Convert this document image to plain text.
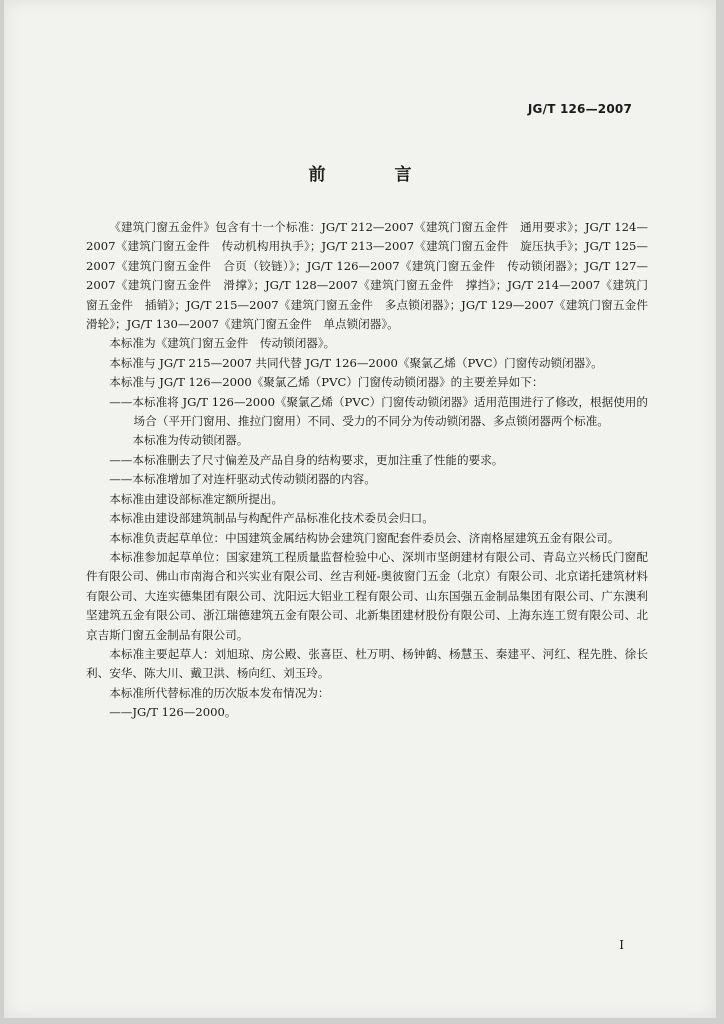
JG/T 126—2007
前　言

《建筑门窗五金件》包含有十一个标准：JG/T 212—2007《建筑门窗五金件　通用要求》；JG/T 124—2007《建筑门窗五金件　传动机构用执手》；JG/T 213—2007《建筑门窗五金件　旋压执手》；JG/T 125—2007《建筑门窗五金件　合页（铰链）》；JG/T 126—2007《建筑门窗五金件　传动锁闭器》；JG/T 127—2007《建筑门窗五金件　滑撑》；JG/T 128—2007《建筑门窗五金件　撑挡》；JG/T 214—2007《建筑门窗五金件　插销》；JG/T 215—2007《建筑门窗五金件　多点锁闭器》；JG/T 129—2007《建筑门窗五金件　滑轮》；JG/T 130—2007《建筑门窗五金件　单点锁闭器》。

本标准为《建筑门窗五金件　传动锁闭器》。

本标准与 JG/T 215—2007 共同代替 JG/T 126—2000《聚氯乙烯（PVC）门窗传动锁闭器》。

本标准与 JG/T 126—2000《聚氯乙烯（PVC）门窗传动锁闭器》的主要差异如下：

——本标准将 JG/T 126—2000《聚氯乙烯（PVC）门窗传动锁闭器》适用范围进行了修改，根据使用的场合（平开门窗用、推拉门窗用）不同、受力的不同分为传动锁闭器、多点锁闭器两个标准。

本标准为传动锁闭器。

——本标准删去了尺寸偏差及产品自身的结构要求，更加注重了性能的要求。

——本标准增加了对连杆驱动式传动锁闭器的内容。

本标准由建设部标准定额所提出。

本标准由建设部建筑制品与构配件产品标准化技术委员会归口。

本标准负责起草单位：中国建筑金属结构协会建筑门窗配套件委员会、济南格屋建筑五金有限公司。

本标准参加起草单位：国家建筑工程质量监督检验中心、深圳市坚朗建材有限公司、青岛立兴杨氏门窗配件有限公司、佛山市南海合和兴实业有限公司、丝吉利娅-奥彼窗门五金（北京）有限公司、北京诺托建筑材料有限公司、大连实德集团有限公司、沈阳远大铝业工程有限公司、山东国强五金制品集团有限公司、广东澳利坚建筑五金有限公司、浙江瑞德建筑五金有限公司、北新集团建材股份有限公司、上海东连工贸有限公司、北京吉斯门窗五金制品有限公司。

本标准主要起草人：刘旭琼、房公殿、张喜臣、杜万明、杨钟鹤、杨慧玉、秦建平、河红、程先胜、徐长利、安华、陈大川、戴卫洪、杨向红、刘玉玲。

本标准所代替标准的历次版本发布情况为：

——JG/T 126—2000。

I
